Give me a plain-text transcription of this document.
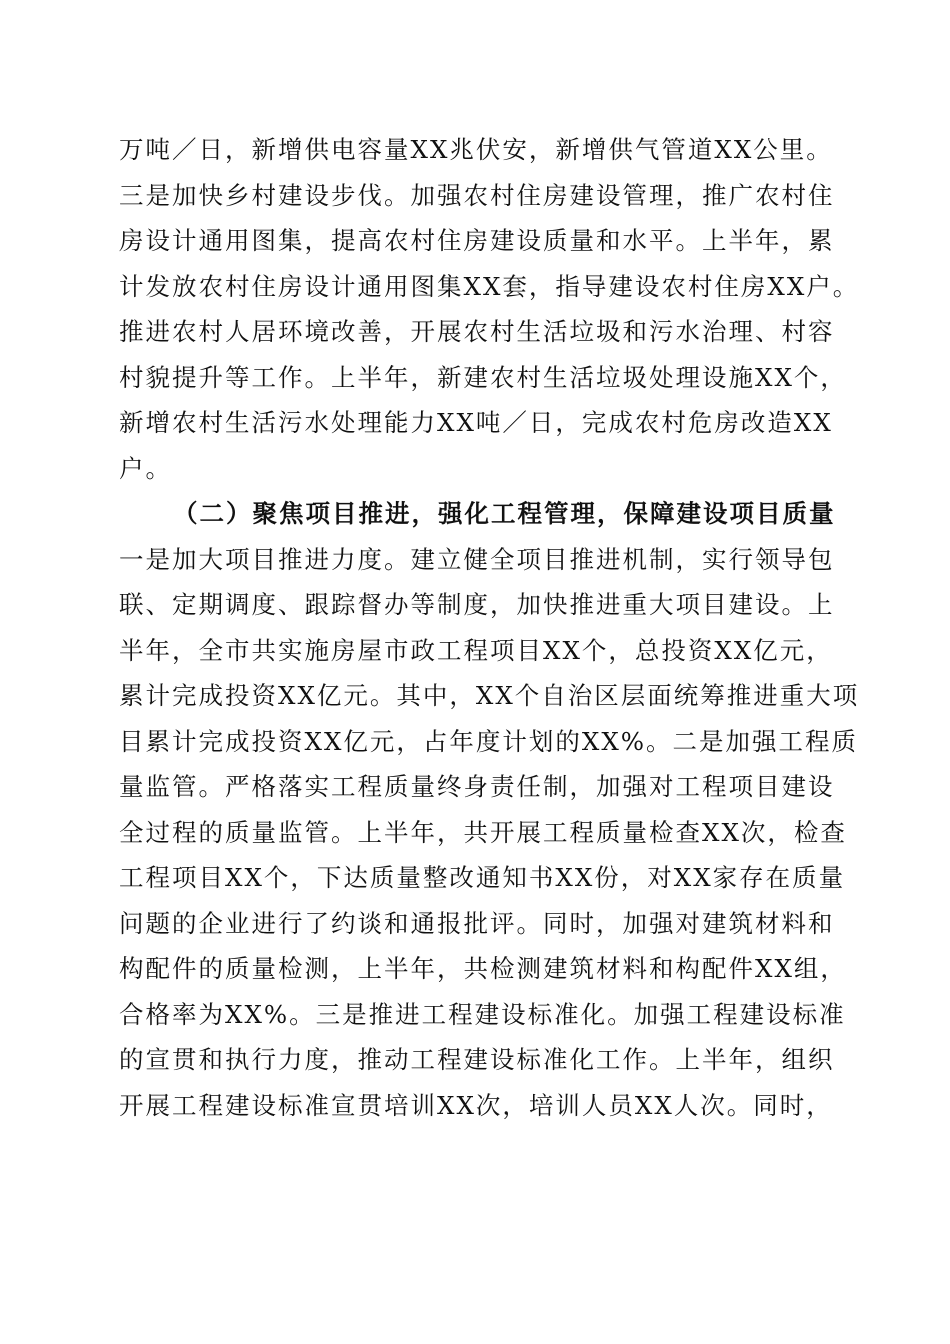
万吨／日，新增供电容量XX兆伏安，新增供气管道XX公里。
三是加快乡村建设步伐。加强农村住房建设管理，推广农村住
房设计通用图集，提高农村住房建设质量和水平。上半年，累
计发放农村住房设计通用图集XX套，指导建设农村住房XX户。
推进农村人居环境改善，开展农村生活垃圾和污水治理、村容
村貌提升等工作。上半年，新建农村生活垃圾处理设施XX个，
新增农村生活污水处理能力XX吨／日，完成农村危房改造XX
户。
（二）聚焦项目推进，强化工程管理，保障建设项目质量
一是加大项目推进力度。建立健全项目推进机制，实行领导包
联、定期调度、跟踪督办等制度，加快推进重大项目建设。上
半年，全市共实施房屋市政工程项目XX个，总投资XX亿元，
累计完成投资XX亿元。其中，XX个自治区层面统筹推进重大项
目累计完成投资XX亿元，占年度计划的XX%。二是加强工程质
量监管。严格落实工程质量终身责任制，加强对工程项目建设
全过程的质量监管。上半年，共开展工程质量检查XX次，检查
工程项目XX个，下达质量整改通知书XX份，对XX家存在质量
问题的企业进行了约谈和通报批评。同时，加强对建筑材料和
构配件的质量检测，上半年，共检测建筑材料和构配件XX组，
合格率为XX%。三是推进工程建设标准化。加强工程建设标准
的宣贯和执行力度，推动工程建设标准化工作。上半年，组织
开展工程建设标准宣贯培训XX次，培训人员XX人次。同时，
